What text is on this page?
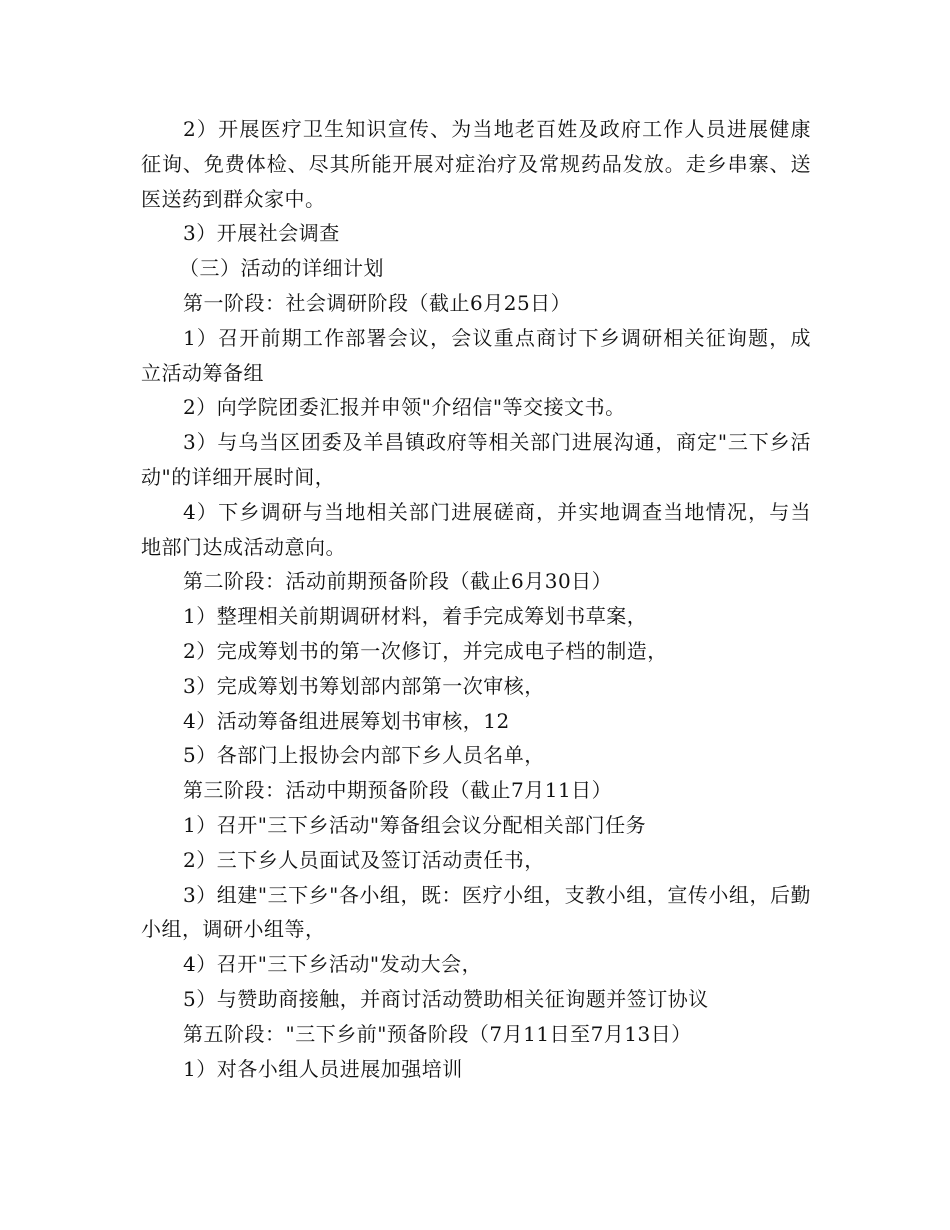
2）开展医疗卫生知识宣传、为当地老百姓及政府工作人员进展健康征询、免费体检、尽其所能开展对症治疗及常规药品发放。走乡串寨、送医送药到群众家中。

3）开展社会调查

（三）活动的详细计划

第一阶段：社会调研阶段（截止6月25日）

1）召开前期工作部署会议，会议重点商讨下乡调研相关征询题，成立活动筹备组

2）向学院团委汇报并申领"介绍信"等交接文书。

3）与乌当区团委及羊昌镇政府等相关部门进展沟通，商定"三下乡活动"的详细开展时间，

4）下乡调研与当地相关部门进展磋商，并实地调查当地情况，与当地部门达成活动意向。

第二阶段：活动前期预备阶段（截止6月30日）

1）整理相关前期调研材料，着手完成筹划书草案，

2）完成筹划书的第一次修订，并完成电子档的制造，

3）完成筹划书筹划部内部第一次审核，

4）活动筹备组进展筹划书审核，12

5）各部门上报协会内部下乡人员名单，

第三阶段：活动中期预备阶段（截止7月11日）

1）召开"三下乡活动"筹备组会议分配相关部门任务

2）三下乡人员面试及签订活动责任书，

3）组建"三下乡"各小组，既：医疗小组，支教小组，宣传小组，后勤小组，调研小组等，

4）召开"三下乡活动"发动大会，

5）与赞助商接触，并商讨活动赞助相关征询题并签订协议

第五阶段："三下乡前"预备阶段（7月11日至7月13日）

1）对各小组人员进展加强培训
